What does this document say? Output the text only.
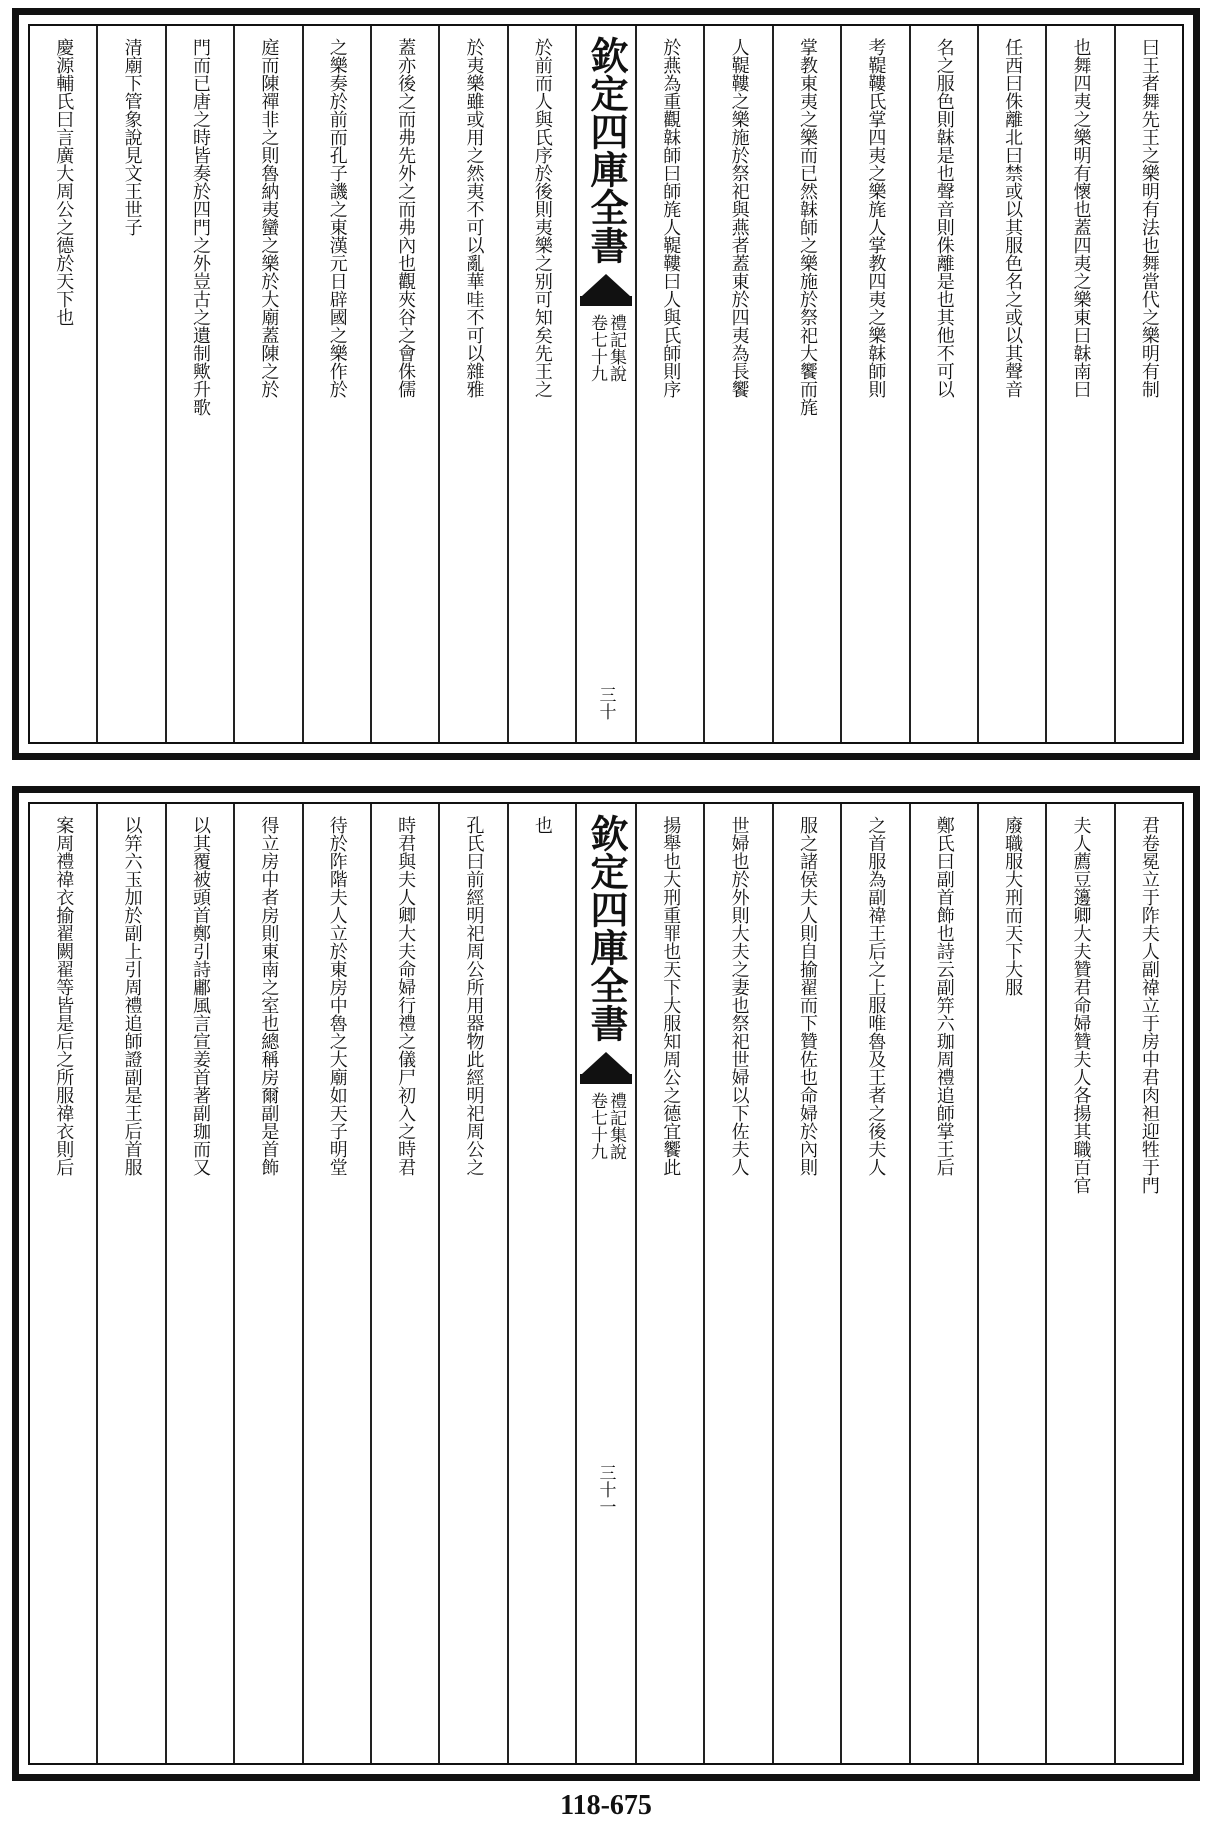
曰王者舞先王之樂明有法也舞當代之樂明有制
也舞四夷之樂明有懷也蓋四夷之樂東曰韎南曰
任西曰侏離北曰禁或以其服色名之或以其聲音
名之服色則韎是也聲音則侏離是也其他不可以
考鞮鞻氏掌四夷之樂旄人掌教四夷之樂韎師則
掌教東夷之樂而已然韎師之樂施於祭祀大饗而旄
人鞮鞻之樂施於祭祀與燕者蓋東於四夷為長饗
於燕為重觀韎師曰師旄人鞮鞻曰人與氏師則序
欽定四庫全書
禮記集說
卷七十九
三十
於前而人與氏序於後則夷樂之别可知矣先王之
於夷樂雖或用之然夷不可以亂華哇不可以雜雅
蓋亦後之而弗先外之而弗內也觀夾谷之會侏儒
之樂奏於前而孔子譏之東漢元日辟國之樂作於
庭而陳禪非之則魯納夷蠻之樂於大廟蓋陳之於
門而已唐之時皆奏於四門之外豈古之遺制歟升歌
清廟下管象說見文王世子
慶源輔氏曰言廣大周公之德於天下也
君卷冕立于阼夫人副禕立于房中君肉袒迎牲于門
夫人薦豆籩卿大夫贊君命婦贊夫人各揚其職百官
廢職服大刑而天下大服
鄭氏曰副首飾也詩云副笄六珈周禮追師掌王后
之首服為副禕王后之上服唯魯及王者之後夫人
服之諸侯夫人則自揄翟而下贊佐也命婦於內則
世婦也於外則大夫之妻也祭祀世婦以下佐夫人
揚舉也大刑重罪也天下大服知周公之德宜饗此
欽定四庫全書
禮記集說
卷七十九
三十一
也
孔氏曰前經明祀周公所用器物此經明祀周公之
時君與夫人卿大夫命婦行禮之儀尸初入之時君
待於阼階夫人立於東房中魯之大廟如天子明堂
得立房中者房則東南之室也總稱房爾副是首飾
以其覆被頭首鄭引詩鄘風言宣姜首著副珈而又
以笄六玉加於副上引周禮追師證副是王后首服
案周禮禕衣揄翟闕翟等皆是后之所服禕衣則后
118-675
